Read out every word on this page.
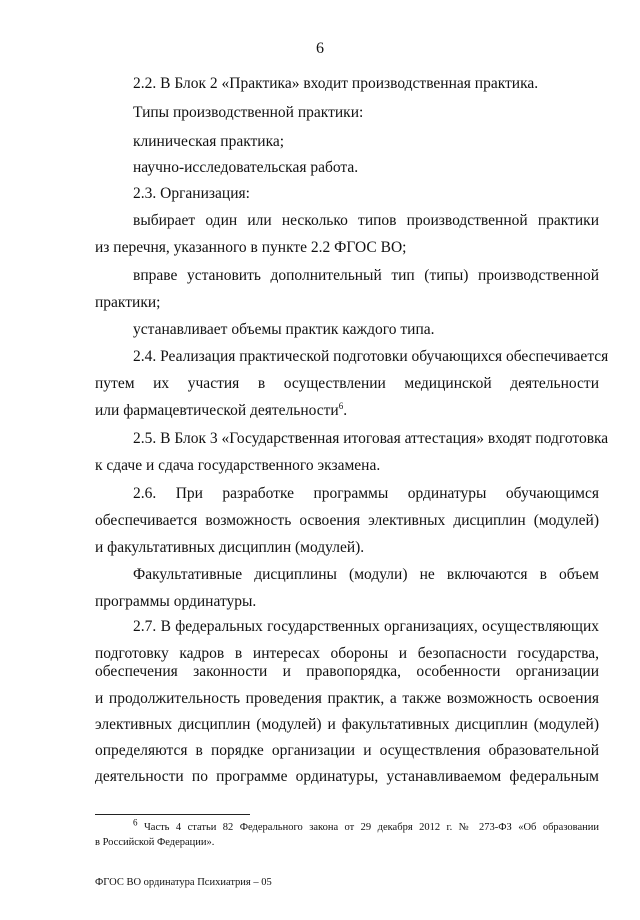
6
2.2. В Блок 2 «Практика» входит производственная практика.
Типы производственной практики:
клиническая практика;
научно-исследовательская работа.
2.3. Организация:
выбирает один или несколько типов производственной практики
из перечня, указанного в пункте 2.2 ФГОС ВО;
вправе установить дополнительный тип (типы) производственной
практики;
устанавливает объемы практик каждого типа.
2.4. Реализация практической подготовки обучающихся обеспечивается
путем их участия в осуществлении медицинской деятельности
или фармацевтической деятельности$^6$.
2.5. В Блок 3 «Государственная итоговая аттестация» входят подготовка
к сдаче и сдача государственного экзамена.
2.6. При разработке программы ординатуры обучающимся
обеспечивается возможность освоения элективных дисциплин (модулей)
и факультативных дисциплин (модулей).
Факультативные дисциплины (модули) не включаются в объем
программы ординатуры.
2.7. В федеральных государственных организациях, осуществляющих
подготовку кадров в интересах обороны и безопасности государства,
обеспечения законности и правопорядка, особенности организации
и продолжительность проведения практик, а также возможность освоения
элективных дисциплин (модулей) и факультативных дисциплин (модулей)
определяются в порядке организации и осуществления образовательной
деятельности по программе ординатуры, устанавливаемом федеральным
$^6$ Часть 4 статьи 82 Федерального закона от 29 декабря 2012 г. № 273-ФЗ «Об образовании
в Российской Федерации».
ФГОС ВО ординатура Психиатрия – 05
